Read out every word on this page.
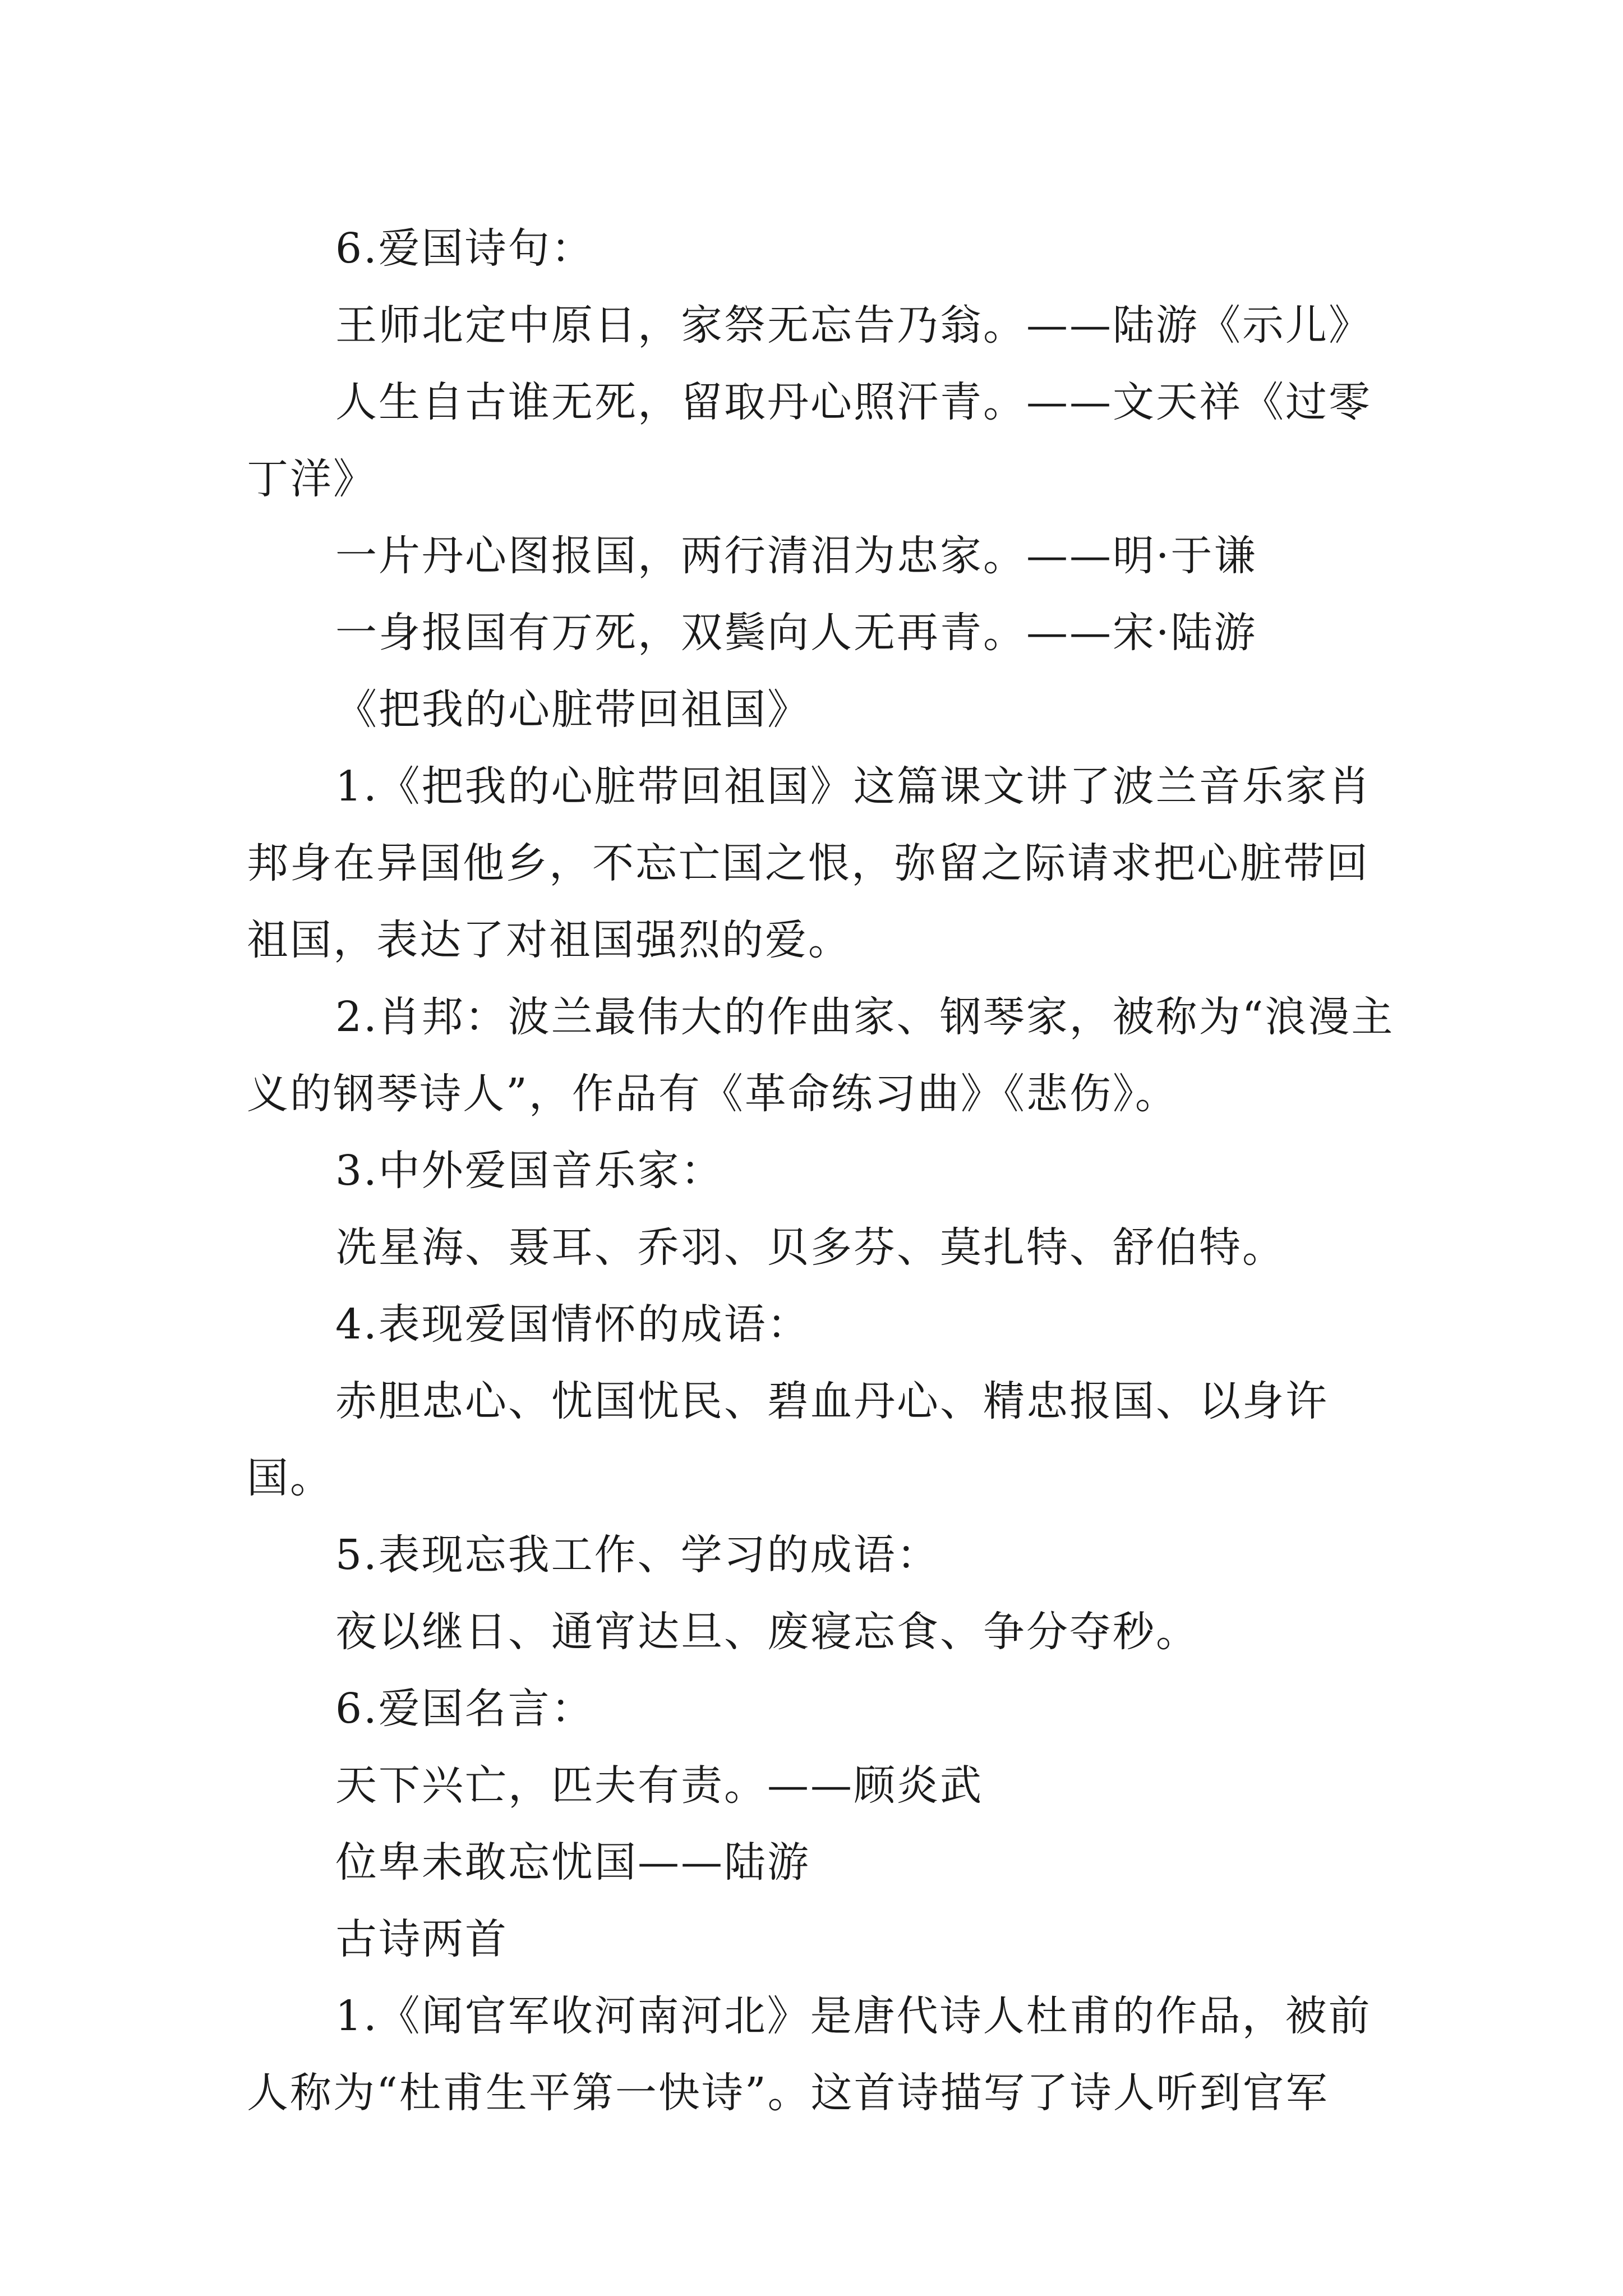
6.爱国诗句：

王师北定中原日，家祭无忘告乃翁。——陆游《示儿》

人生自古谁无死，留取丹心照汗青。——文天祥《过零丁洋》

一片丹心图报国，两行清泪为忠家。——明·于谦

一身报国有万死，双鬓向人无再青。——宋·陆游

《把我的心脏带回祖国》

1.《把我的心脏带回祖国》这篇课文讲了波兰音乐家肖邦身在异国他乡，不忘亡国之恨，弥留之际请求把心脏带回祖国，表达了对祖国强烈的爱。

2.肖邦：波兰最伟大的作曲家、钢琴家，被称为“浪漫主义的钢琴诗人”，作品有《革命练习曲》《悲伤》。

3.中外爱国音乐家：

冼星海、聂耳、乔羽、贝多芬、莫扎特、舒伯特。

4.表现爱国情怀的成语：

赤胆忠心、忧国忧民、碧血丹心、精忠报国、以身许国。

5.表现忘我工作、学习的成语：

夜以继日、通宵达旦、废寝忘食、争分夺秒。

6.爱国名言：

天下兴亡，匹夫有责。——顾炎武

位卑未敢忘忧国——陆游

古诗两首

1.《闻官军收河南河北》是唐代诗人杜甫的作品，被前人称为“杜甫生平第一快诗”。这首诗描写了诗人听到官军
